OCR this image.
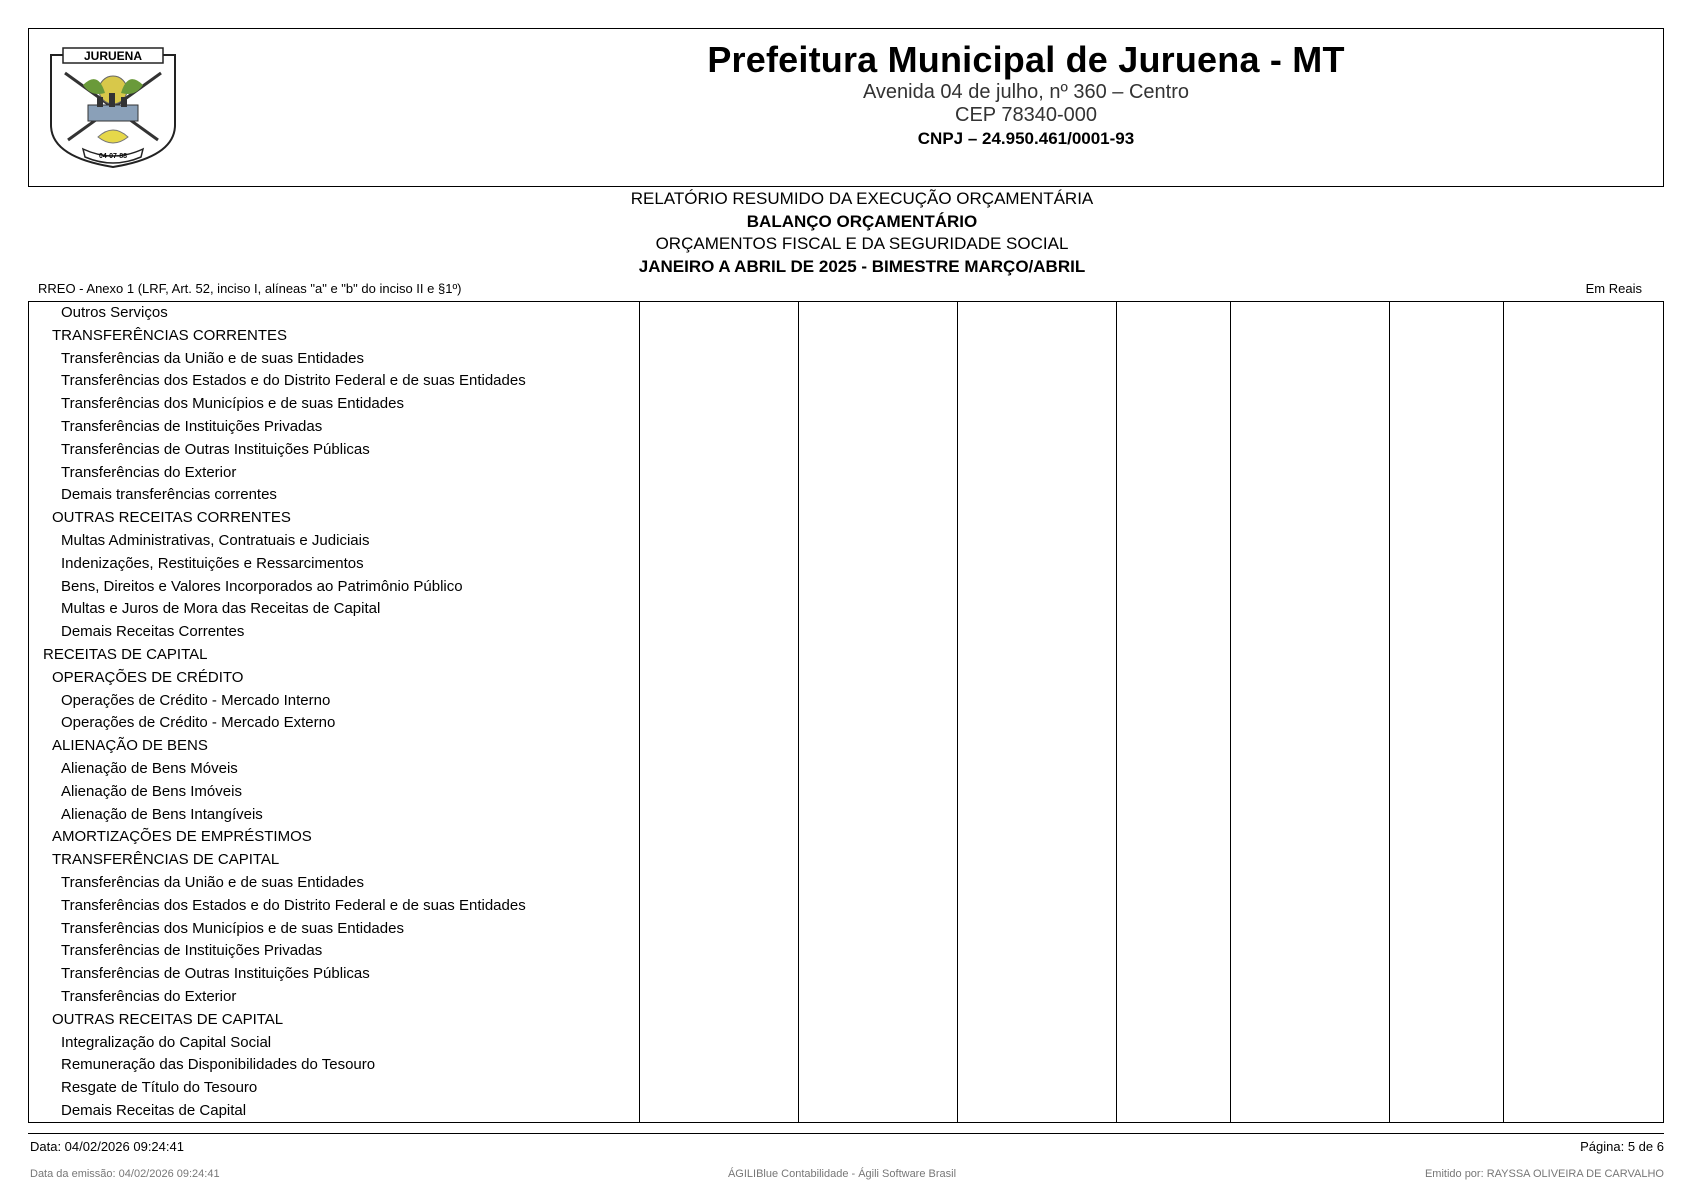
JURUENA
04-07-88
Prefeitura Municipal de Juruena - MT
Avenida 04 de julho, nº 360 – Centro
CEP 78340-000
CNPJ – 24.950.461/0001-93
RELATÓRIO RESUMIDO DA EXECUÇÃO ORÇAMENTÁRIA
BALANÇO ORÇAMENTÁRIO
ORÇAMENTOS FISCAL E DA SEGURIDADE SOCIAL
JANEIRO A ABRIL DE 2025 - BIMESTRE MARÇO/ABRIL
RREO - Anexo 1 (LRF, Art. 52, inciso I, alíneas "a" e "b" do inciso II e §1º)	Em Reais
Outros Serviços
TRANSFERÊNCIAS CORRENTES
Transferências da União e de suas Entidades
Transferências dos Estados e do Distrito Federal e de suas Entidades
Transferências dos Municípios e de suas Entidades
Transferências de Instituições Privadas
Transferências de Outras Instituições Públicas
Transferências do Exterior
Demais transferências correntes
OUTRAS RECEITAS CORRENTES
Multas Administrativas, Contratuais e Judiciais
Indenizações, Restituições e Ressarcimentos
Bens, Direitos e Valores Incorporados ao Patrimônio Público
Multas e Juros de Mora das Receitas de Capital
Demais Receitas Correntes
RECEITAS DE CAPITAL
OPERAÇÕES DE CRÉDITO
Operações de Crédito - Mercado Interno
Operações de Crédito - Mercado Externo
ALIENAÇÃO DE BENS
Alienação de Bens Móveis
Alienação de Bens Imóveis
Alienação de Bens Intangíveis
AMORTIZAÇÕES DE EMPRÉSTIMOS
TRANSFERÊNCIAS DE CAPITAL
Transferências da União e de suas Entidades
Transferências dos Estados e do Distrito Federal e de suas Entidades
Transferências dos Municípios e de suas Entidades
Transferências de Instituições Privadas
Transferências de Outras Instituições Públicas
Transferências do Exterior
OUTRAS RECEITAS DE CAPITAL
Integralização do Capital Social
Remuneração das Disponibilidades do Tesouro
Resgate de Título do Tesouro
Demais Receitas de Capital
Data: 04/02/2026 09:24:41	Página: 5 de 6
Data da emissão: 04/02/2026 09:24:41	ÁGILIBlue Contabilidade - Ágili Software Brasil	Emitido por: RAYSSA OLIVEIRA DE CARVALHO
